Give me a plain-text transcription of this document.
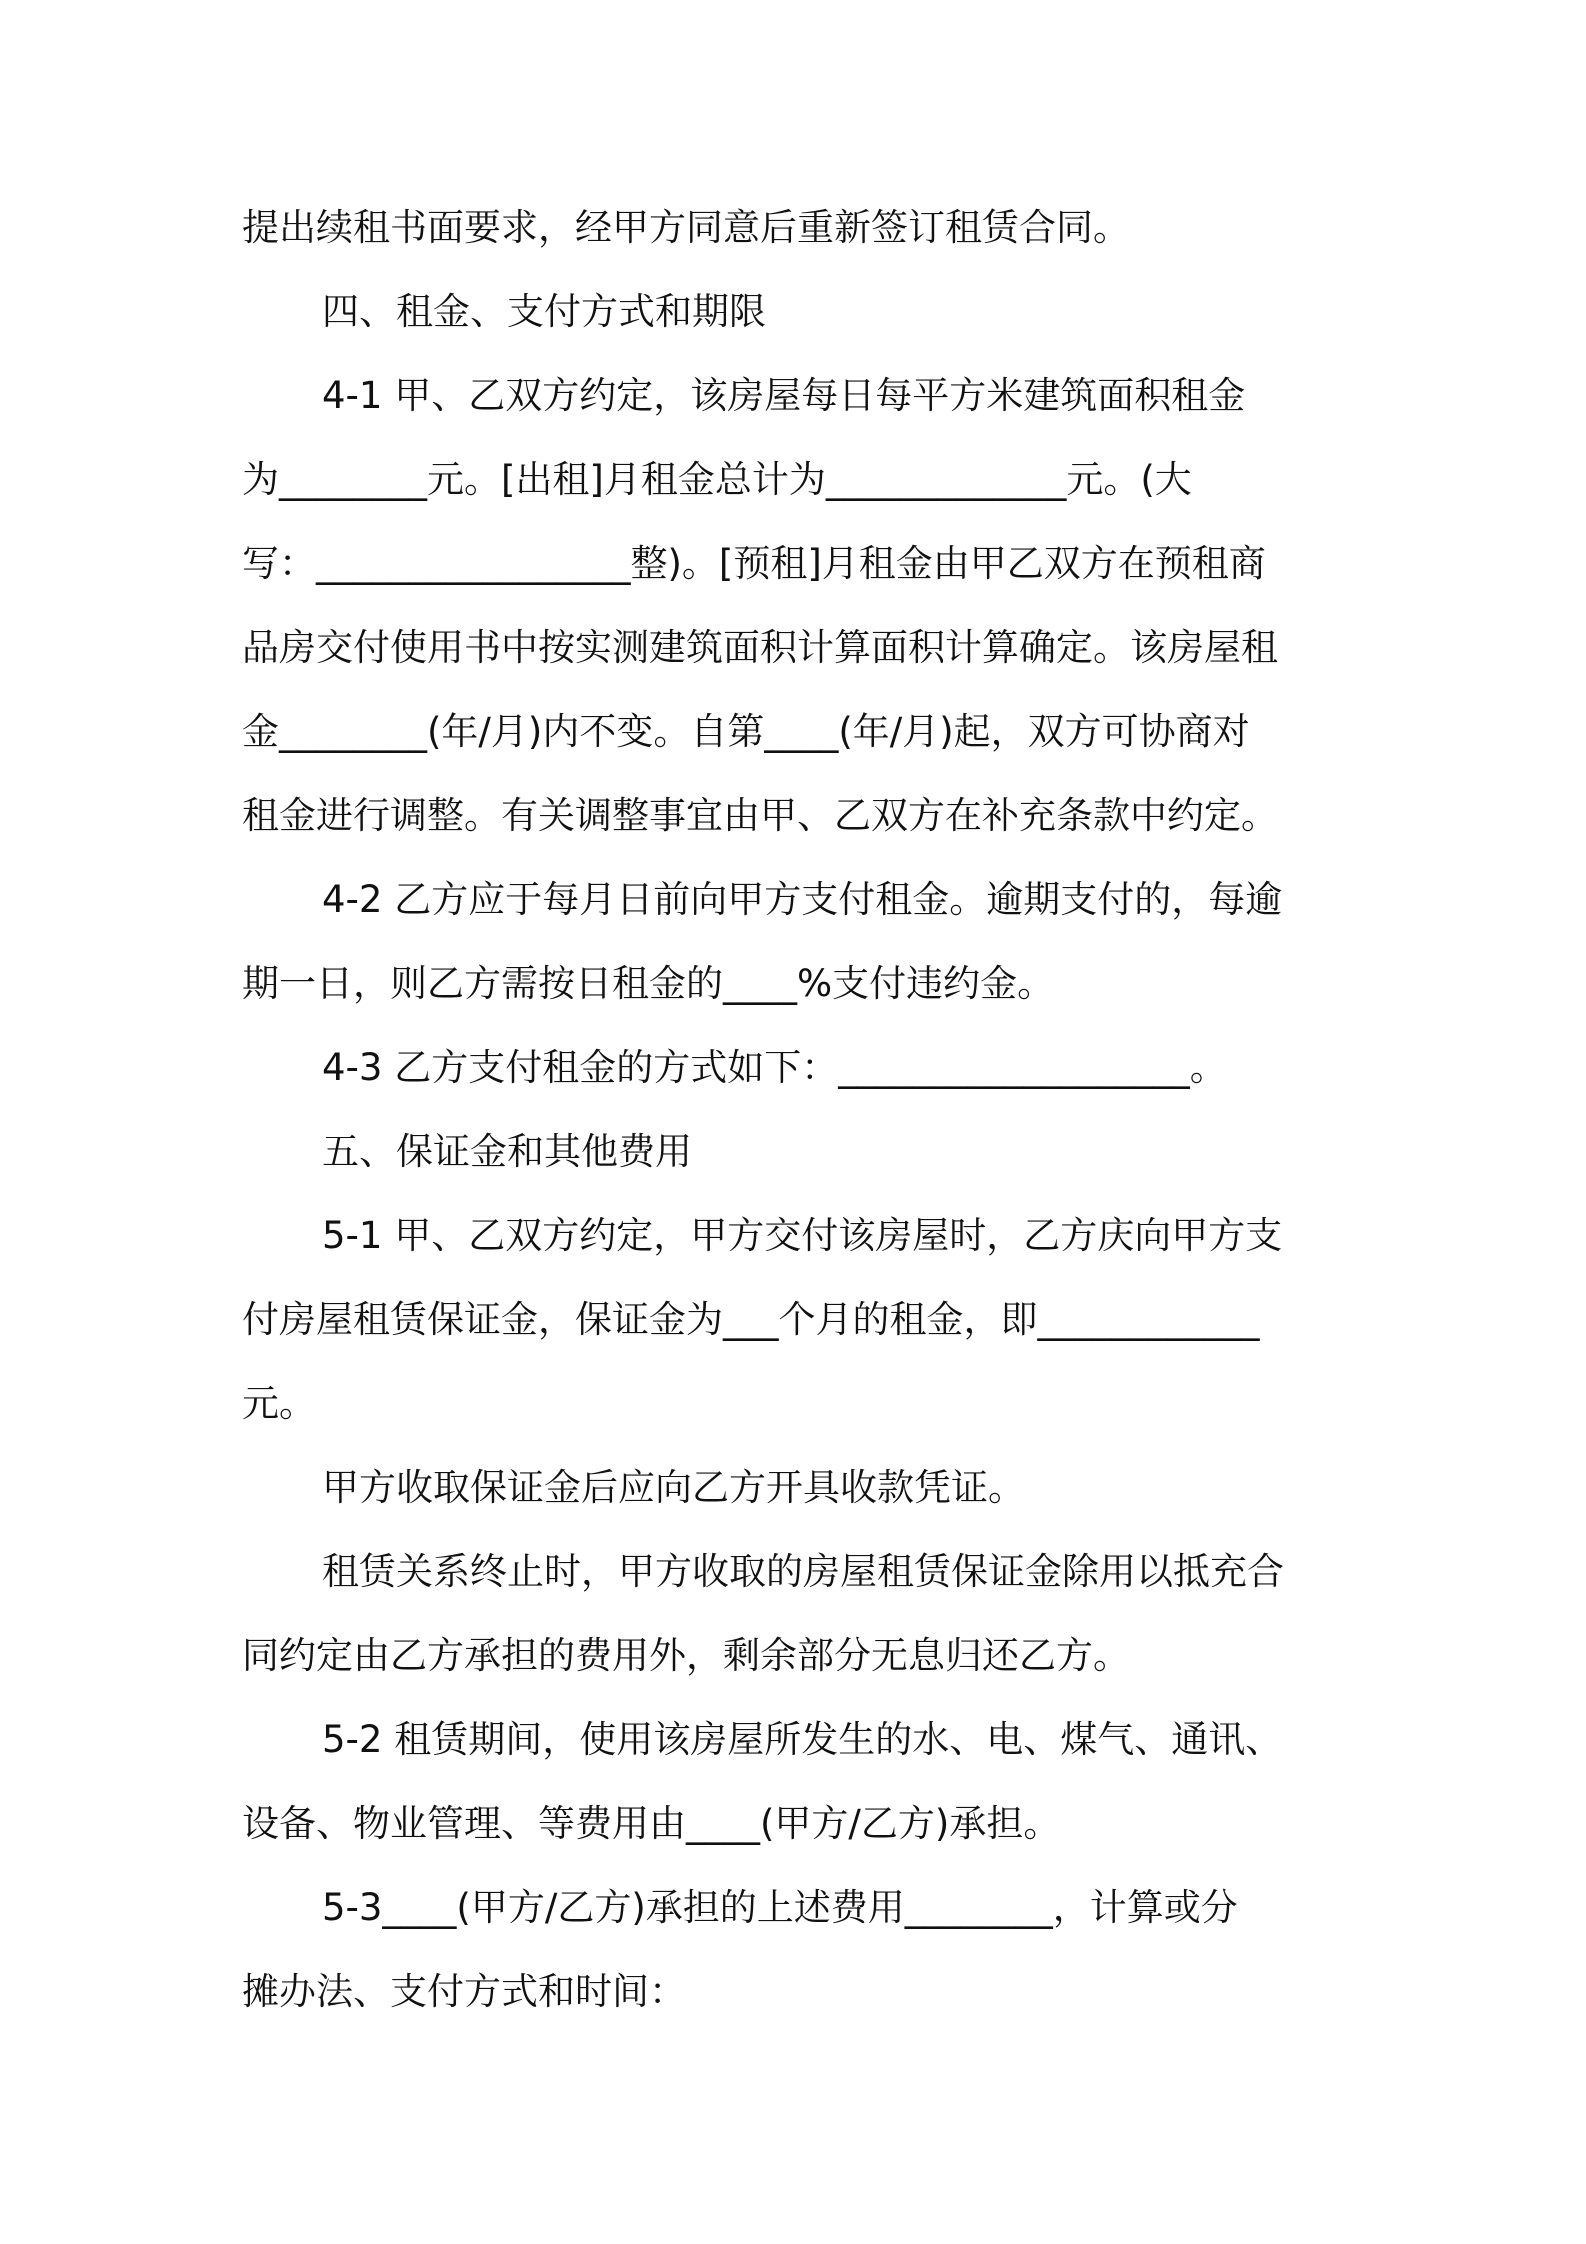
提出续租书面要求，经甲方同意后重新签订租赁合同。
四、租金、支付方式和期限
4-1 甲、乙双方约定，该房屋每日每平方米建筑面积租金
为________元。[出租]月租金总计为_____________元。(大
写：_________________整)。[预租]月租金由甲乙双方在预租商
品房交付使用书中按实测建筑面积计算面积计算确定。该房屋租
金________(年/月)内不变。自第____(年/月)起，双方可协商对
租金进行调整。有关调整事宜由甲、乙双方在补充条款中约定。
4-2 乙方应于每月日前向甲方支付租金。逾期支付的，每逾
期一日，则乙方需按日租金的____%支付违约金。
4-3 乙方支付租金的方式如下：___________________。
五、保证金和其他费用
5-1 甲、乙双方约定，甲方交付该房屋时，乙方庆向甲方支
付房屋租赁保证金，保证金为___个月的租金，即____________
元。
甲方收取保证金后应向乙方开具收款凭证。
租赁关系终止时，甲方收取的房屋租赁保证金除用以抵充合
同约定由乙方承担的费用外，剩余部分无息归还乙方。
5-2 租赁期间，使用该房屋所发生的水、电、煤气、通讯、
设备、物业管理、等费用由____(甲方/乙方)承担。
5-3____(甲方/乙方)承担的上述费用________，计算或分
摊办法、支付方式和时间：
